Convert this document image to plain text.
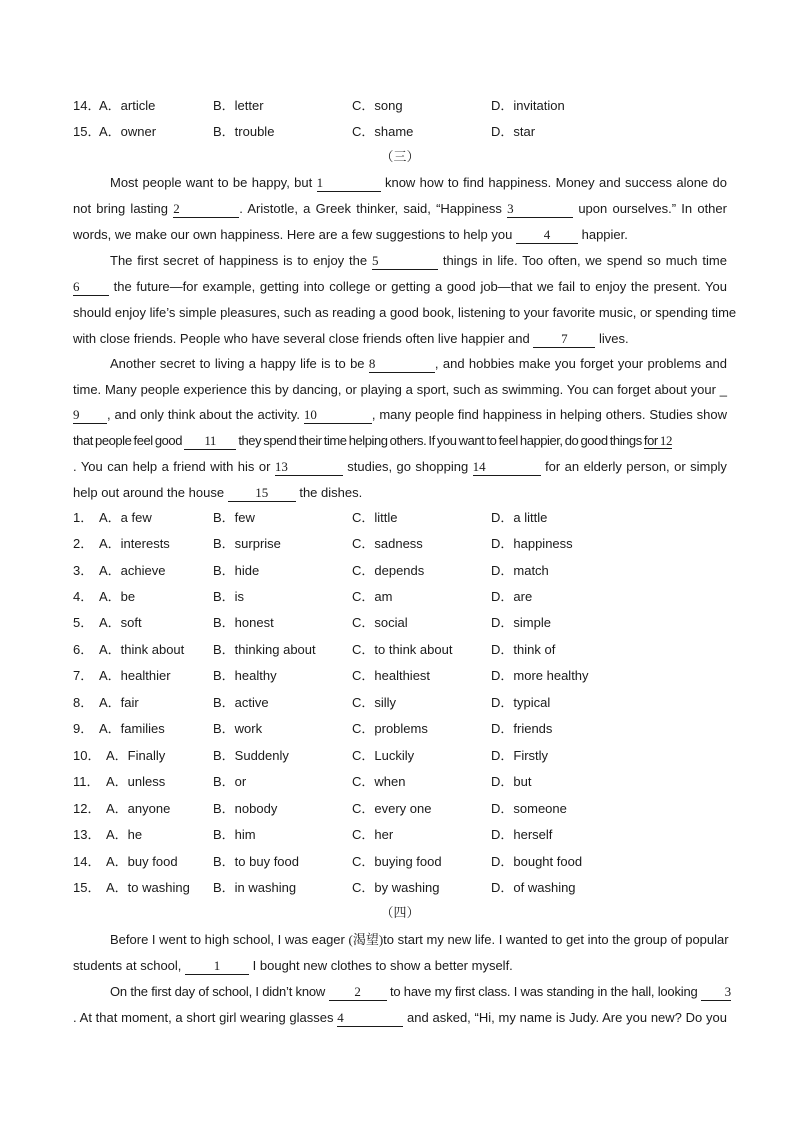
14．
A．article	B．letter	C．song	D．invitation
15．
A．owner	B．trouble	C．shame	D．star
（三）
Most people want to be happy, but 1	know how to find happiness. Money and success alone do
not bring lasting 2	. Aristotle, a Greek thinker, said, “Happiness 3	upon ourselves.” In other
words, we make our own happiness. Here are a few suggestions to help you 4 happier.
The first secret of happiness is to enjoy the 5	things in life. Too often, we spend so much time
6	the future—for example, getting into college or getting a good job—that we fail to enjoy the present. You
should enjoy life’s simple pleasures, such as reading a good book, listening to your favorite music, or spending time
with close friends. People who have several close friends often live happier and 7 lives.
Another secret to living a happy life is to be 8	, and hobbies make you forget your problems and
time. Many people experience this by dancing, or playing a sport, such as swimming. You can forget about your _
9 , and only think about the activity. 10	, many people find happiness in helping others. Studies show
that people feel good 11 they spend their time helping others. If you want to feel happier, do good things for 12
. You can help a friend with his or 13	studies, go shopping 14	for an elderly person, or simply
help out around the house 15 the dishes.
1． A．a few	B．few	C．little	D．a little
2． A．interests	B．surprise	C．sadness	D．happiness
3． A．achieve	B．hide	C．depends	D．match
4． A．be	B．is	C．am	D．are
5． A．soft	B．honest	C．social	D．simple
6． A．think about B．thinking about	C．to think about	D．think of
7． A．healthier	B．healthy	C．healthiest	D．more healthy
8． A．fair	B．active	C．silly	D．typical
9． A．families	B．work	C．problems	D．friends
10． A．Finally	B．Suddenly	C．Luckily	D．Firstly
11． A．unless	B．or	C．when	D．but
12． A．anyone	B．nobody	C．every one	D．someone
13． A．he	B．him	C．her	D．herself
14． A．buy food	B．to buy food	C．buying food	D．bought food
15． A．to washing B．in washing	C．by washing	D．of washing
（四）
Before I went to high school, I was eager (渴望)to start my new life. I wanted to get into the group of popular
students at school, 1 I bought new clothes to show a better myself.
On the first day of school, I didn’t know 2 to have my first class. I was standing in the hall, looking 3
. At that moment, a short girl wearing glasses 4	and asked, “Hi, my name is Judy. Are you new? Do you
